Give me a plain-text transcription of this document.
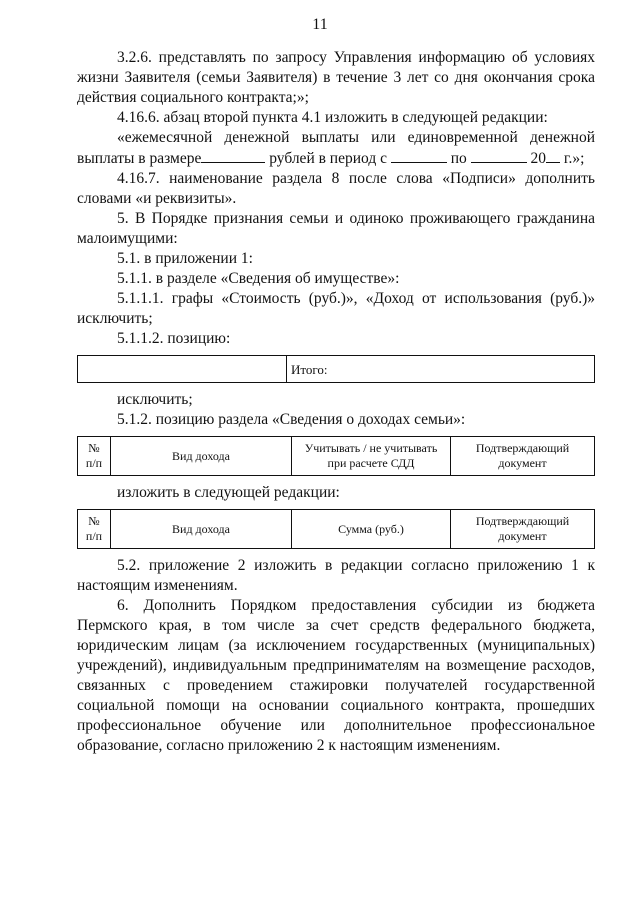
11

3.2.6. представлять по запросу Управления информацию об условиях жизни Заявителя (семьи Заявителя) в течение 3 лет со дня окончания срока действия социального контракта;»;

4.16.6. абзац второй пункта 4.1 изложить в следующей редакции:

«ежемесячной денежной выплаты или единовременной денежной выплаты в размере	рублей в период с	по	20 г.»;

4.16.7. наименование раздела 8 после слова «Подписи» дополнить словами «и реквизиты».

5. В Порядке признания семьи и одиноко проживающего гражданина малоимущими:

5.1. в приложении 1:

5.1.1. в разделе «Сведения об имуществе»:

5.1.1.1. графы «Стоимость (руб.)», «Доход от использования (руб.)» исключить;

5.1.1.2. позицию:

	Итого:

исключить;

5.1.2. позицию раздела «Сведения о доходах семьи»:

№ п/п	Вид дохода	Учитывать / не учитывать при расчете СДД	Подтверждающий документ

изложить в следующей редакции:

№ п/п	Вид дохода	Сумма (руб.)	Подтверждающий документ

5.2. приложение 2 изложить в редакции согласно приложению 1 к настоящим изменениям.

6. Дополнить Порядком предоставления субсидии из бюджета Пермского края, в том числе за счет средств федерального бюджета, юридическим лицам (за исключением государственных (муниципальных) учреждений), индивидуальным предпринимателям на возмещение расходов, связанных с проведением стажировки получателей государственной социальной помощи на основании социального контракта, прошедших профессиональное обучение или дополнительное профессиональное образование, согласно приложению 2 к настоящим изменениям.
